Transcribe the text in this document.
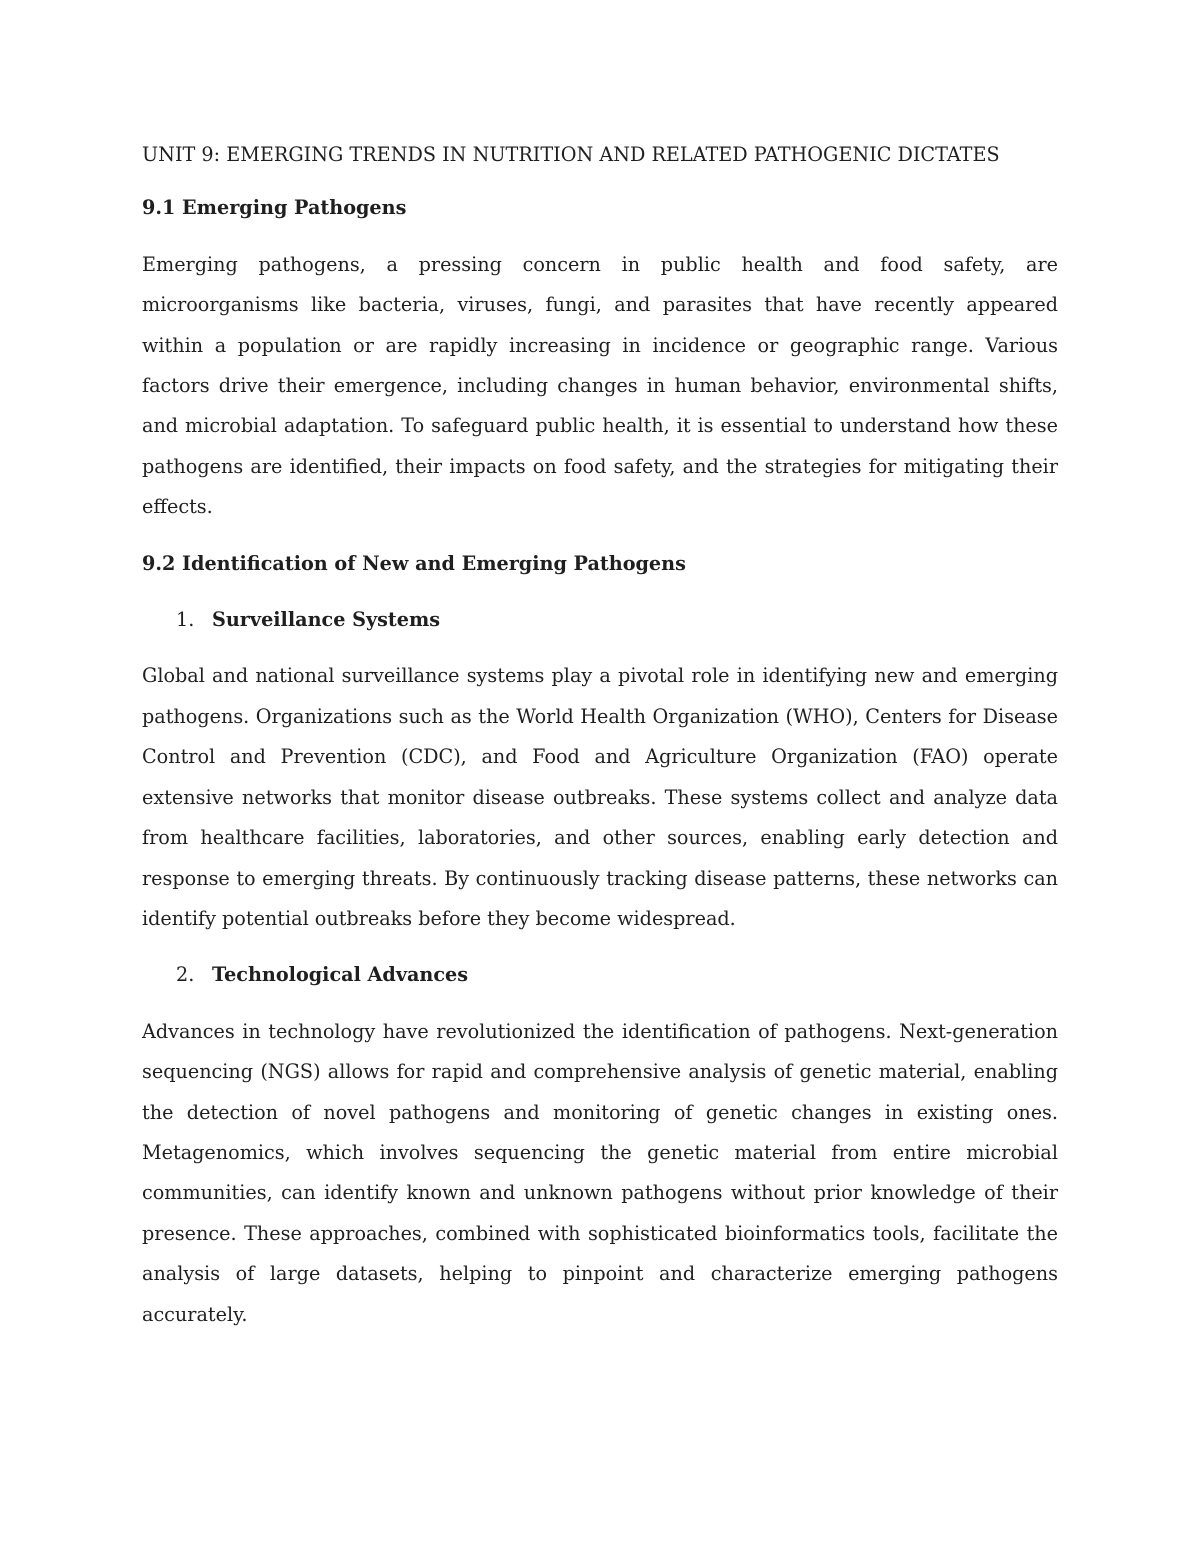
UNIT 9: EMERGING TRENDS IN NUTRITION AND RELATED PATHOGENIC DICTATES

9.1 Emerging Pathogens

Emerging pathogens, a pressing concern in public health and food safety, are microorganisms like bacteria, viruses, fungi, and parasites that have recently appeared within a population or are rapidly increasing in incidence or geographic range. Various factors drive their emergence, including changes in human behavior, environmental shifts, and microbial adaptation. To safeguard public health, it is essential to understand how these pathogens are identified, their impacts on food safety, and the strategies for mitigating their effects.

9.2 Identification of New and Emerging Pathogens

1. Surveillance Systems

Global and national surveillance systems play a pivotal role in identifying new and emerging pathogens. Organizations such as the World Health Organization (WHO), Centers for Disease Control and Prevention (CDC), and Food and Agriculture Organization (FAO) operate extensive networks that monitor disease outbreaks. These systems collect and analyze data from healthcare facilities, laboratories, and other sources, enabling early detection and response to emerging threats. By continuously tracking disease patterns, these networks can identify potential outbreaks before they become widespread.

2. Technological Advances

Advances in technology have revolutionized the identification of pathogens. Next-generation sequencing (NGS) allows for rapid and comprehensive analysis of genetic material, enabling the detection of novel pathogens and monitoring of genetic changes in existing ones. Metagenomics, which involves sequencing the genetic material from entire microbial communities, can identify known and unknown pathogens without prior knowledge of their presence. These approaches, combined with sophisticated bioinformatics tools, facilitate the analysis of large datasets, helping to pinpoint and characterize emerging pathogens accurately.
